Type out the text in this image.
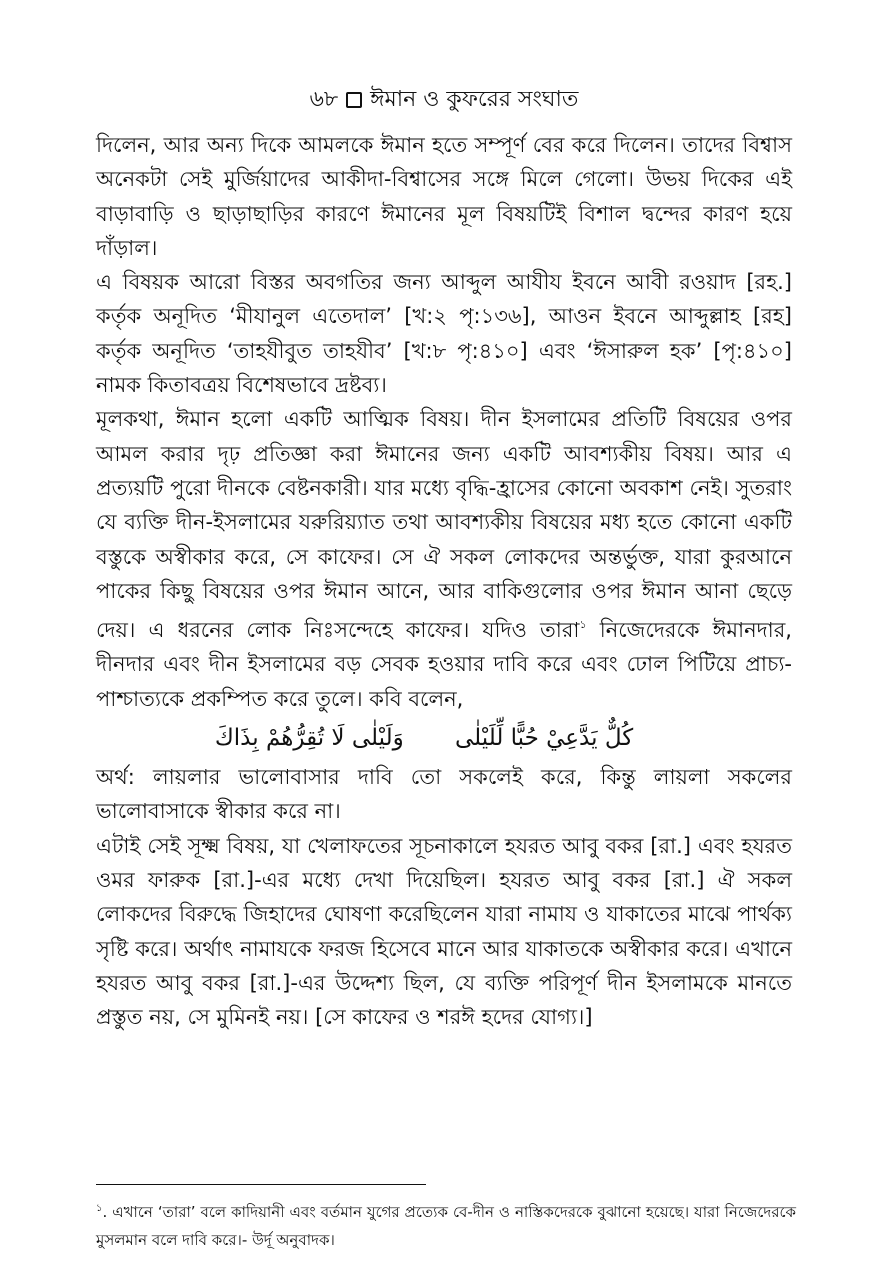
৬৮ ঈমান ও কুফরের সংঘাত

দিলেন, আর অন্য দিকে আমলকে ঈমান হতে সম্পূর্ণ বের করে দিলেন। তাদের বিশ্বাস অনেকটা সেই মুর্জিয়াদের আকীদা-বিশ্বাসের সঙ্গে মিলে গেলো। উভয় দিকের এই বাড়াবাড়ি ও ছাড়াছাড়ির কারণে ঈমানের মূল বিষয়টিই বিশাল দ্বন্দের কারণ হয়ে দাঁড়াল।

এ বিষয়ক আরো বিস্তর অবগতির জন্য আব্দুল আযীয ইবনে আবী রওয়াদ [রহ.] কর্তৃক অনূদিত ‘মীযানুল এতেদাল’ [খ:২ পৃ:১৩৬], আওন ইবনে আব্দুল্লাহ [রহ] কর্তৃক অনূদিত ‘তাহযীবুত তাহযীব’ [খ:৮ পৃ:৪১০] এবং ‘ঈসারুল হক’ [পৃ:৪১০] নামক কিতাবত্রয় বিশেষভাবে দ্রষ্টব্য।

মূলকথা, ঈমান হলো একটি আত্মিক বিষয়। দীন ইসলামের প্রতিটি বিষয়ের ওপর আমল করার দৃঢ় প্রতিজ্ঞা করা ঈমানের জন্য একটি আবশ্যকীয় বিষয়। আর এ প্রত্যয়টি পুরো দীনকে বেষ্টনকারী। যার মধ্যে বৃদ্ধি-হ্রাসের কোনো অবকাশ নেই। সুতরাং যে ব্যক্তি দীন-ইসলামের যরুরিয়্যাত তথা আবশ্যকীয় বিষয়ের মধ্য হতে কোনো একটি বস্তুকে অস্বীকার করে, সে কাফের। সে ঐ সকল লোকদের অন্তর্ভুক্ত, যারা কুরআনে পাকের কিছু বিষয়ের ওপর ঈমান আনে, আর বাকিগুলোর ওপর ঈমান আনা ছেড়ে দেয়। এ ধরনের লোক নিঃসন্দেহে কাফের। যদিও তারা$^১$ নিজেদেরকে ঈমানদার, দীনদার এবং দীন ইসলামের বড় সেবক হওয়ার দাবি করে এবং ঢোল পিটিয়ে প্রাচ্য-পাশ্চাত্যকে প্রকম্পিত করে তুলে। কবি বলেন,

كُلٌّ يَدَّعِيْ حُبًّا لِّلَيْلٰى وَلَيْلٰى لَا تُقِرُّهُمْ بِذَاكَ

অর্থ: লায়লার ভালোবাসার দাবি তো সকলেই করে, কিন্তু লায়লা সকলের ভালোবাসাকে স্বীকার করে না।

এটাই সেই সূক্ষ্ম বিষয়, যা খেলাফতের সূচনাকালে হযরত আবু বকর [রা.] এবং হযরত ওমর ফারুক [রা.]-এর মধ্যে দেখা দিয়েছিল। হযরত আবু বকর [রা.] ঐ সকল লোকদের বিরুদ্ধে জিহাদের ঘোষণা করেছিলেন যারা নামায ও যাকাতের মাঝে পার্থক্য সৃষ্টি করে। অর্থাৎ নামাযকে ফরজ হিসেবে মানে আর যাকাতকে অস্বীকার করে। এখানে হযরত আবু বকর [রা.]-এর উদ্দেশ্য ছিল, যে ব্যক্তি পরিপূর্ণ দীন ইসলামকে মানতে প্রস্তুত নয়, সে মুমিনই নয়। [সে কাফের ও শরঈ হদের যোগ্য।]

$^১$. এখানে ‘তারা’ বলে কাদিয়ানী এবং বর্তমান যুগের প্রত্যেক বে-দীন ও নাস্তিকদেরকে বুঝানো হয়েছে। যারা নিজেদেরকে মুসলমান বলে দাবি করে।- উর্দূ অনুবাদক।
